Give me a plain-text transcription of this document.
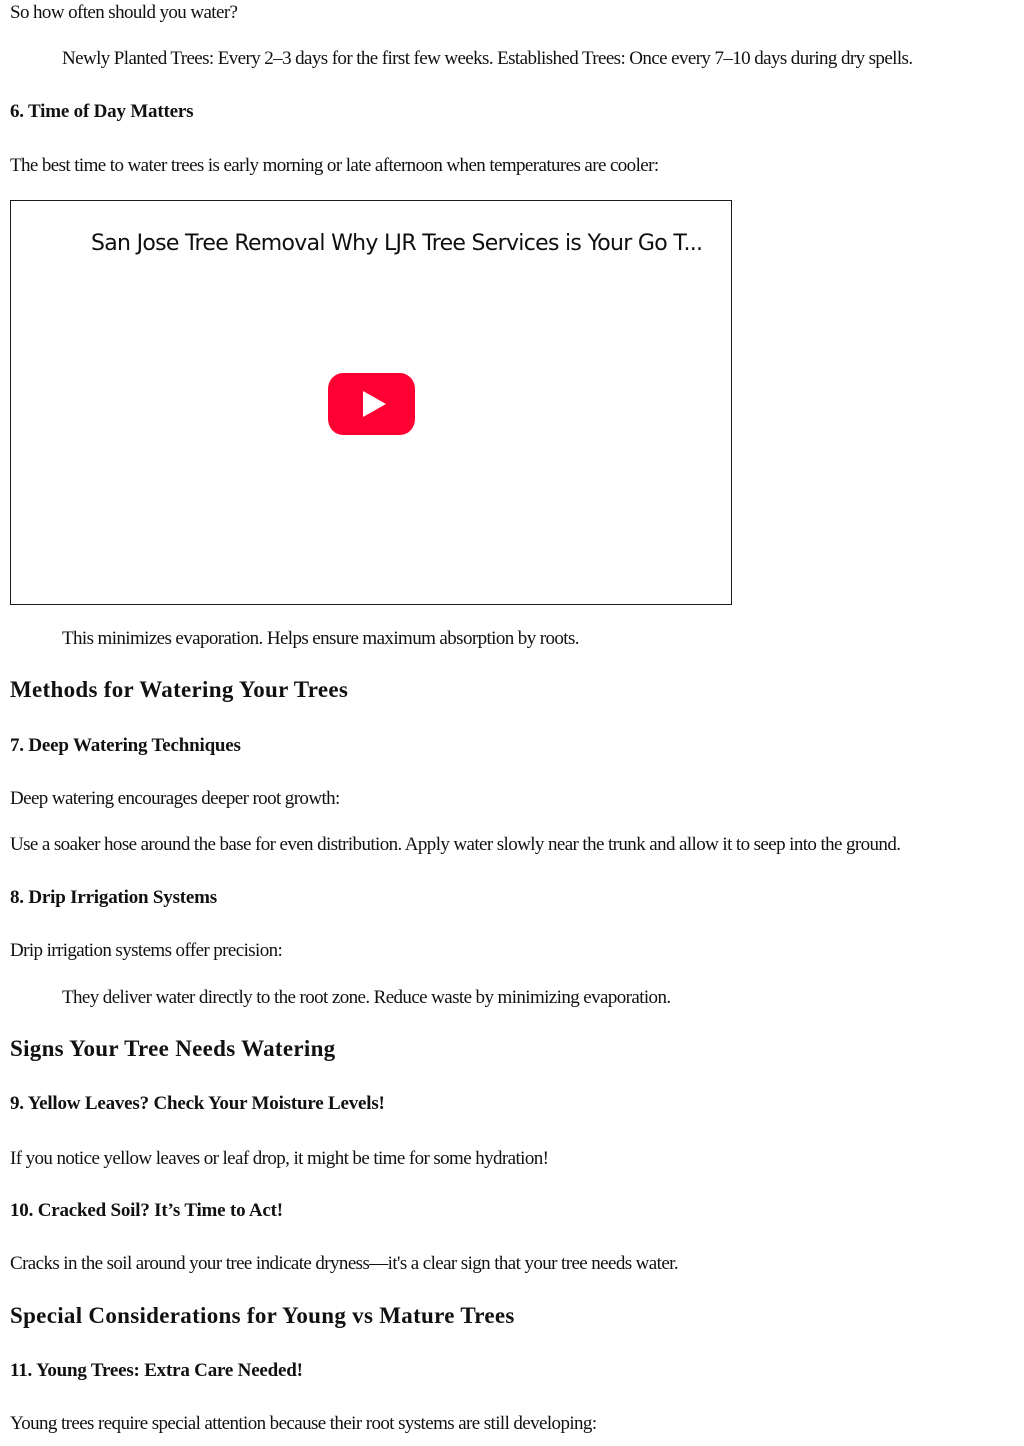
So how often should you water?

Newly Planted Trees: Every 2–3 days for the first few weeks. Established Trees: Once every 7–10 days during dry spells.

6. Time of Day Matters

The best time to water trees is early morning or late afternoon when temperatures are cooler:

San Jose Tree Removal Why LJR Tree Services is Your Go T...

This minimizes evaporation. Helps ensure maximum absorption by roots.

Methods for Watering Your Trees
7. Deep Watering Techniques

Deep watering encourages deeper root growth:

Use a soaker hose around the base for even distribution. Apply water slowly near the trunk and allow it to seep into the ground.

8. Drip Irrigation Systems

Drip irrigation systems offer precision:

They deliver water directly to the root zone. Reduce waste by minimizing evaporation.

Signs Your Tree Needs Watering
9. Yellow Leaves? Check Your Moisture Levels!

If you notice yellow leaves or leaf drop, it might be time for some hydration!

10. Cracked Soil? It’s Time to Act!

Cracks in the soil around your tree indicate dryness—it's a clear sign that your tree needs water.

Special Considerations for Young vs Mature Trees
11. Young Trees: Extra Care Needed!

Young trees require special attention because their root systems are still developing:
